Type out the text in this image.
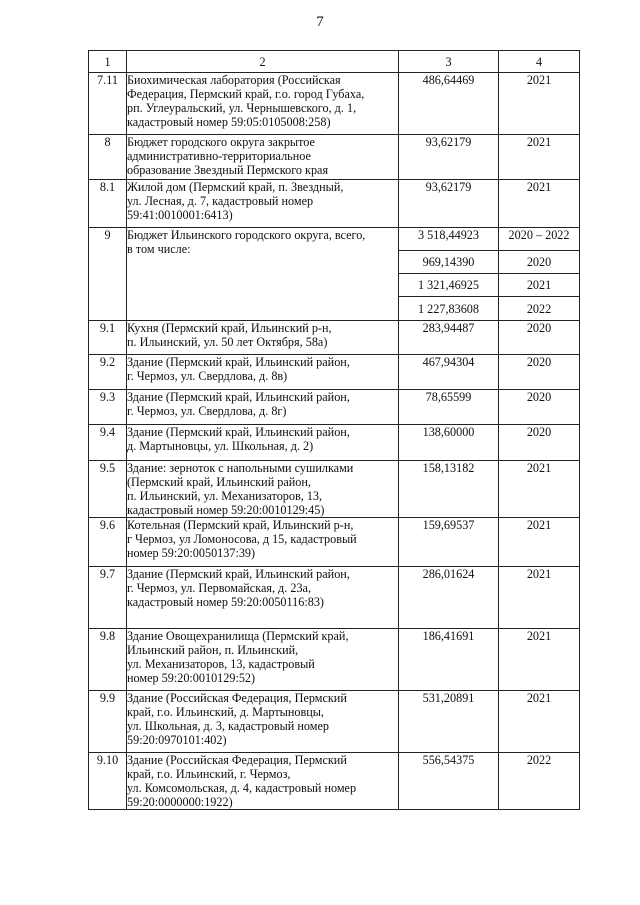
7
1	2	3	4
7.11	Биохимическая лаборатория (Российская
Федерация, Пермский край, г.о. город Губаха,
рп. Углеуральский, ул. Чернышевского, д. 1,
кадастровый номер 59:05:0105008:258)	486,64469	2021
8	Бюджет городского округа закрытое
административно-территориальное
образование Звездный Пермского края	93,62179	2021
8.1	Жилой дом (Пермский край, п. Звездный,
ул. Лесная, д. 7, кадастровый номер
59:41:0010001:6413)	93,62179	2021
9	Бюджет Ильинского городского округа, всего,
в том числе:	3 518,44923	2020 – 2022
		969,14390	2020
		1 321,46925	2021
		1 227,83608	2022
9.1	Кухня (Пермский край, Ильинский р-н,
п. Ильинский, ул. 50 лет Октября, 58а)	283,94487	2020
9.2	Здание (Пермский край, Ильинский район,
г. Чермоз, ул. Свердлова, д. 8в)	467,94304	2020
9.3	Здание (Пермский край, Ильинский район,
г. Чермоз, ул. Свердлова, д. 8г)	78,65599	2020
9.4	Здание (Пермский край, Ильинский район,
д. Мартыновцы, ул. Школьная, д. 2)	138,60000	2020
9.5	Здание: зерноток с напольными сушилками
(Пермский край, Ильинский район,
п. Ильинский, ул. Механизаторов, 13,
кадастровый номер 59:20:0010129:45)	158,13182	2021
9.6	Котельная (Пермский край, Ильинский р-н,
г Чермоз, ул Ломоносова, д 15, кадастровый
номер 59:20:0050137:39)	159,69537	2021
9.7	Здание (Пермский край, Ильинский район,
г. Чермоз, ул. Первомайская, д. 23а,
кадастровый номер 59:20:0050116:83)	286,01624	2021
9.8	Здание Овощехранилища (Пермский край,
Ильинский район, п. Ильинский,
ул. Механизаторов, 13, кадастровый
номер 59:20:0010129:52)	186,41691	2021
9.9	Здание (Российская Федерация, Пермский
край, г.о. Ильинский, д. Мартыновцы,
ул. Школьная, д. 3, кадастровый номер
59:20:0970101:402)	531,20891	2021
9.10	Здание (Российская Федерация, Пермский
край, г.о. Ильинский, г. Чермоз,
ул. Комсомольская, д. 4, кадастровый номер
59:20:0000000:1922)	556,54375	2022
